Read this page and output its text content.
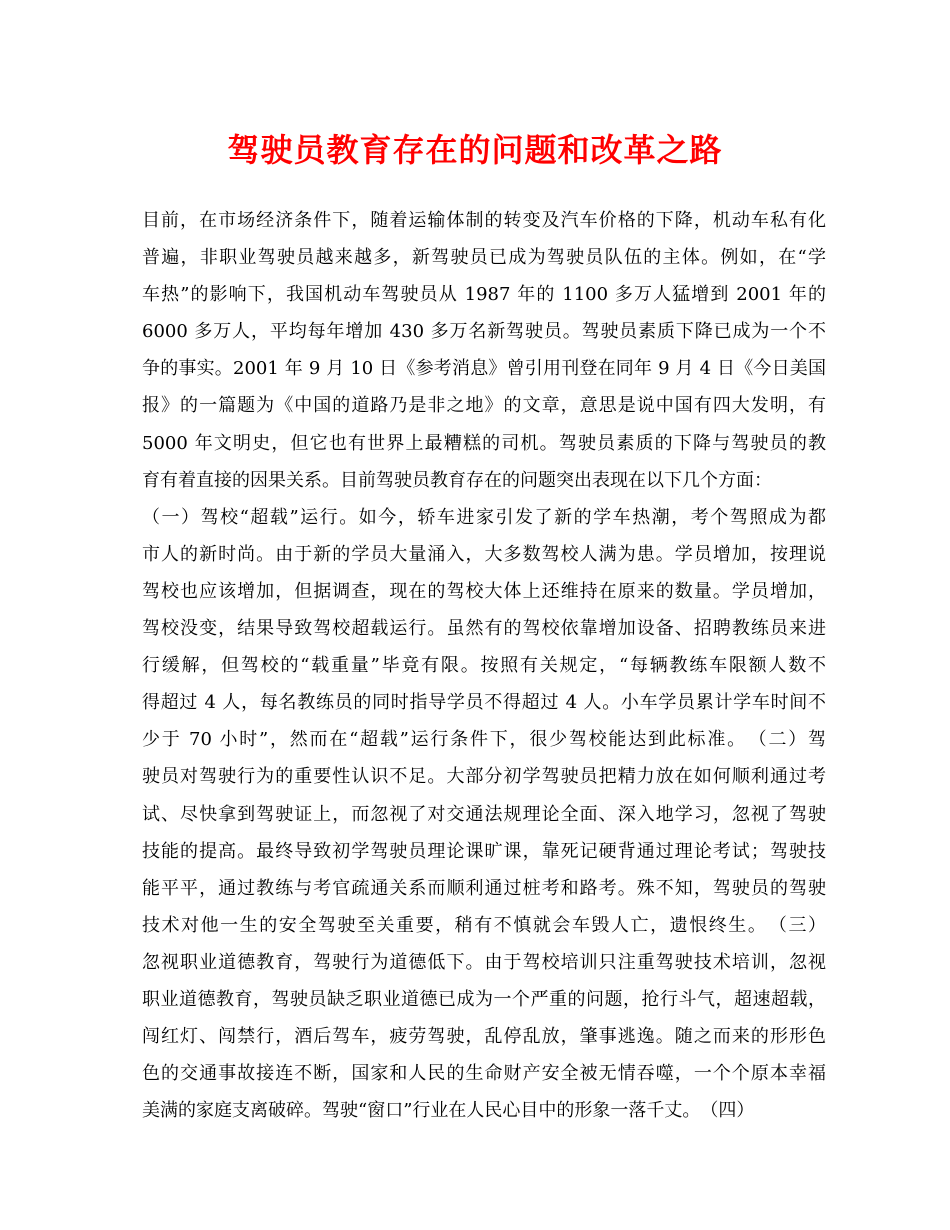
驾驶员教育存在的问题和改革之路
目前，在市场经济条件下，随着运输体制的转变及汽车价格的下降，机动车私有化
普遍，非职业驾驶员越来越多，新驾驶员已成为驾驶员队伍的主体。例如，在“学
车热”的影响下，我国机动车驾驶员从 1987 年的 1100 多万人猛增到 2001 年的
6000 多万人，平均每年增加 430 多万名新驾驶员。驾驶员素质下降已成为一个不
争的事实。2001 年 9 月 10 日《参考消息》曾引用刊登在同年 9 月 4 日《今日美国
报》的一篇题为《中国的道路乃是非之地》的文章，意思是说中国有四大发明，有
5000 年文明史，但它也有世界上最糟糕的司机。驾驶员素质的下降与驾驶员的教
育有着直接的因果关系。目前驾驶员教育存在的问题突出表现在以下几个方面：
（一）驾校“超载”运行。如今，轿车进家引发了新的学车热潮，考个驾照成为都
市人的新时尚。由于新的学员大量涌入，大多数驾校人满为患。学员增加，按理说
驾校也应该增加，但据调查，现在的驾校大体上还维持在原来的数量。学员增加，
驾校没变，结果导致驾校超载运行。虽然有的驾校依靠增加设备、招聘教练员来进
行缓解，但驾校的“载重量”毕竟有限。按照有关规定，“每辆教练车限额人数不
得超过 4 人，每名教练员的同时指导学员不得超过 4 人。小车学员累计学车时间不
少于 70 小时”，然而在“超载”运行条件下，很少驾校能达到此标准。　（二）驾
驶员对驾驶行为的重要性认识不足。大部分初学驾驶员把精力放在如何顺利通过考
试、尽快拿到驾驶证上，而忽视了对交通法规理论全面、深入地学习，忽视了驾驶
技能的提高。最终导致初学驾驶员理论课旷课，靠死记硬背通过理论考试；驾驶技
能平平，通过教练与考官疏通关系而顺利通过桩考和路考。殊不知，驾驶员的驾驶
技术对他一生的安全驾驶至关重要，稍有不慎就会车毁人亡，遗恨终生。　（三）
忽视职业道德教育，驾驶行为道德低下。由于驾校培训只注重驾驶技术培训，忽视
职业道德教育，驾驶员缺乏职业道德已成为一个严重的问题，抢行斗气，超速超载，
闯红灯、闯禁行，酒后驾车，疲劳驾驶，乱停乱放，肇事逃逸。随之而来的形形色
色的交通事故接连不断，国家和人民的生命财产安全被无情吞噬，一个个原本幸福
美满的家庭支离破碎。驾驶“窗口”行业在人民心目中的形象一落千丈。　（四）
